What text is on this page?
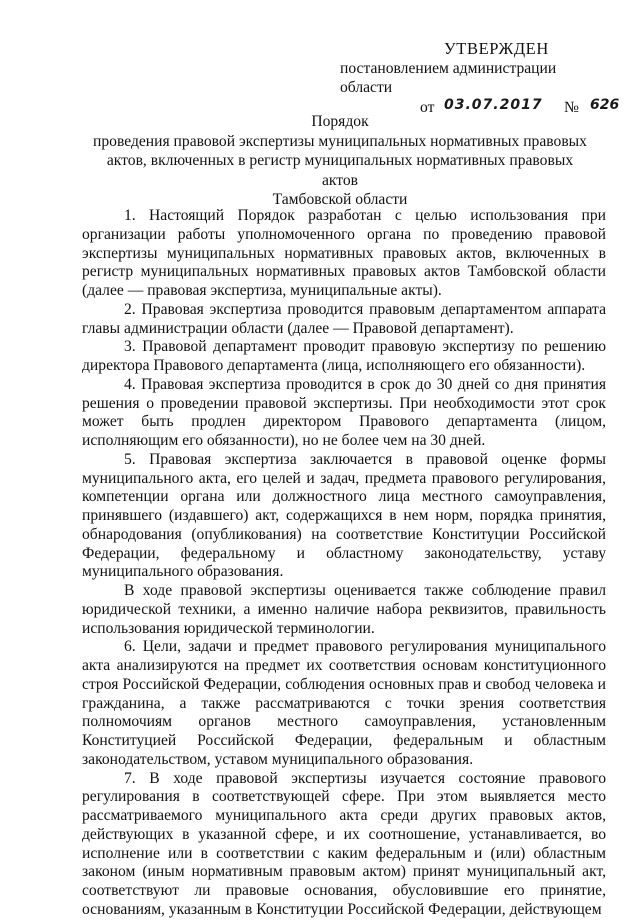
УТВЕРЖДЕН
постановлением администрации области
от 03.07.2017 № 626
Порядок
проведения правовой экспертизы муниципальных нормативных правовых
актов, включенных в регистр муниципальных нормативных правовых актов
Тамбовской области

1. Настоящий Порядок разработан с целью использования при организации работы уполномоченного органа по проведению правовой экспертизы муниципальных нормативных правовых актов, включенных в регистр муниципальных нормативных правовых актов Тамбовской области (далее — правовая экспертиза, муниципальные акты).

2. Правовая экспертиза проводится правовым департаментом аппарата главы администрации области (далее — Правовой департамент).

3. Правовой департамент проводит правовую экспертизу по решению директора Правового департамента (лица, исполняющего его обязанности).

4. Правовая экспертиза проводится в срок до 30 дней со дня принятия решения о проведении правовой экспертизы. При необходимости этот срок может быть продлен директором Правового департамента (лицом, исполняющим его обязанности), но не более чем на 30 дней.

5. Правовая экспертиза заключается в правовой оценке формы муниципального акта, его целей и задач, предмета правового регулирования, компетенции органа или должностного лица местного самоуправления, принявшего (издавшего) акт, содержащихся в нем норм, порядка принятия, обнародования (опубликования) на соответствие Конституции Российской Федерации, федеральному и областному законодательству, уставу муниципального образования.

В ходе правовой экспертизы оценивается также соблюдение правил юридической техники, а именно наличие набора реквизитов, правильность использования юридической терминологии.

6. Цели, задачи и предмет правового регулирования муниципального акта анализируются на предмет их соответствия основам конституционного строя Российской Федерации, соблюдения основных прав и свобод человека и гражданина, а также рассматриваются с точки зрения соответствия полномочиям органов местного самоуправления, установленным Конституцией Российской Федерации, федеральным и областным законодательством, уставом муниципального образования.

7. В ходе правовой экспертизы изучается состояние правового регулирования в соответствующей сфере. При этом выявляется место рассматриваемого муниципального акта среди других правовых актов, действующих в указанной сфере, и их соотношение, устанавливается, во исполнение или в соответствии с каким федеральным и (или) областным законом (иным нормативным правовым актом) принят муниципальный акт, соответствуют ли правовые основания, обусловившие его принятие, основаниям, указанным в Конституции Российской Федерации, действующем
